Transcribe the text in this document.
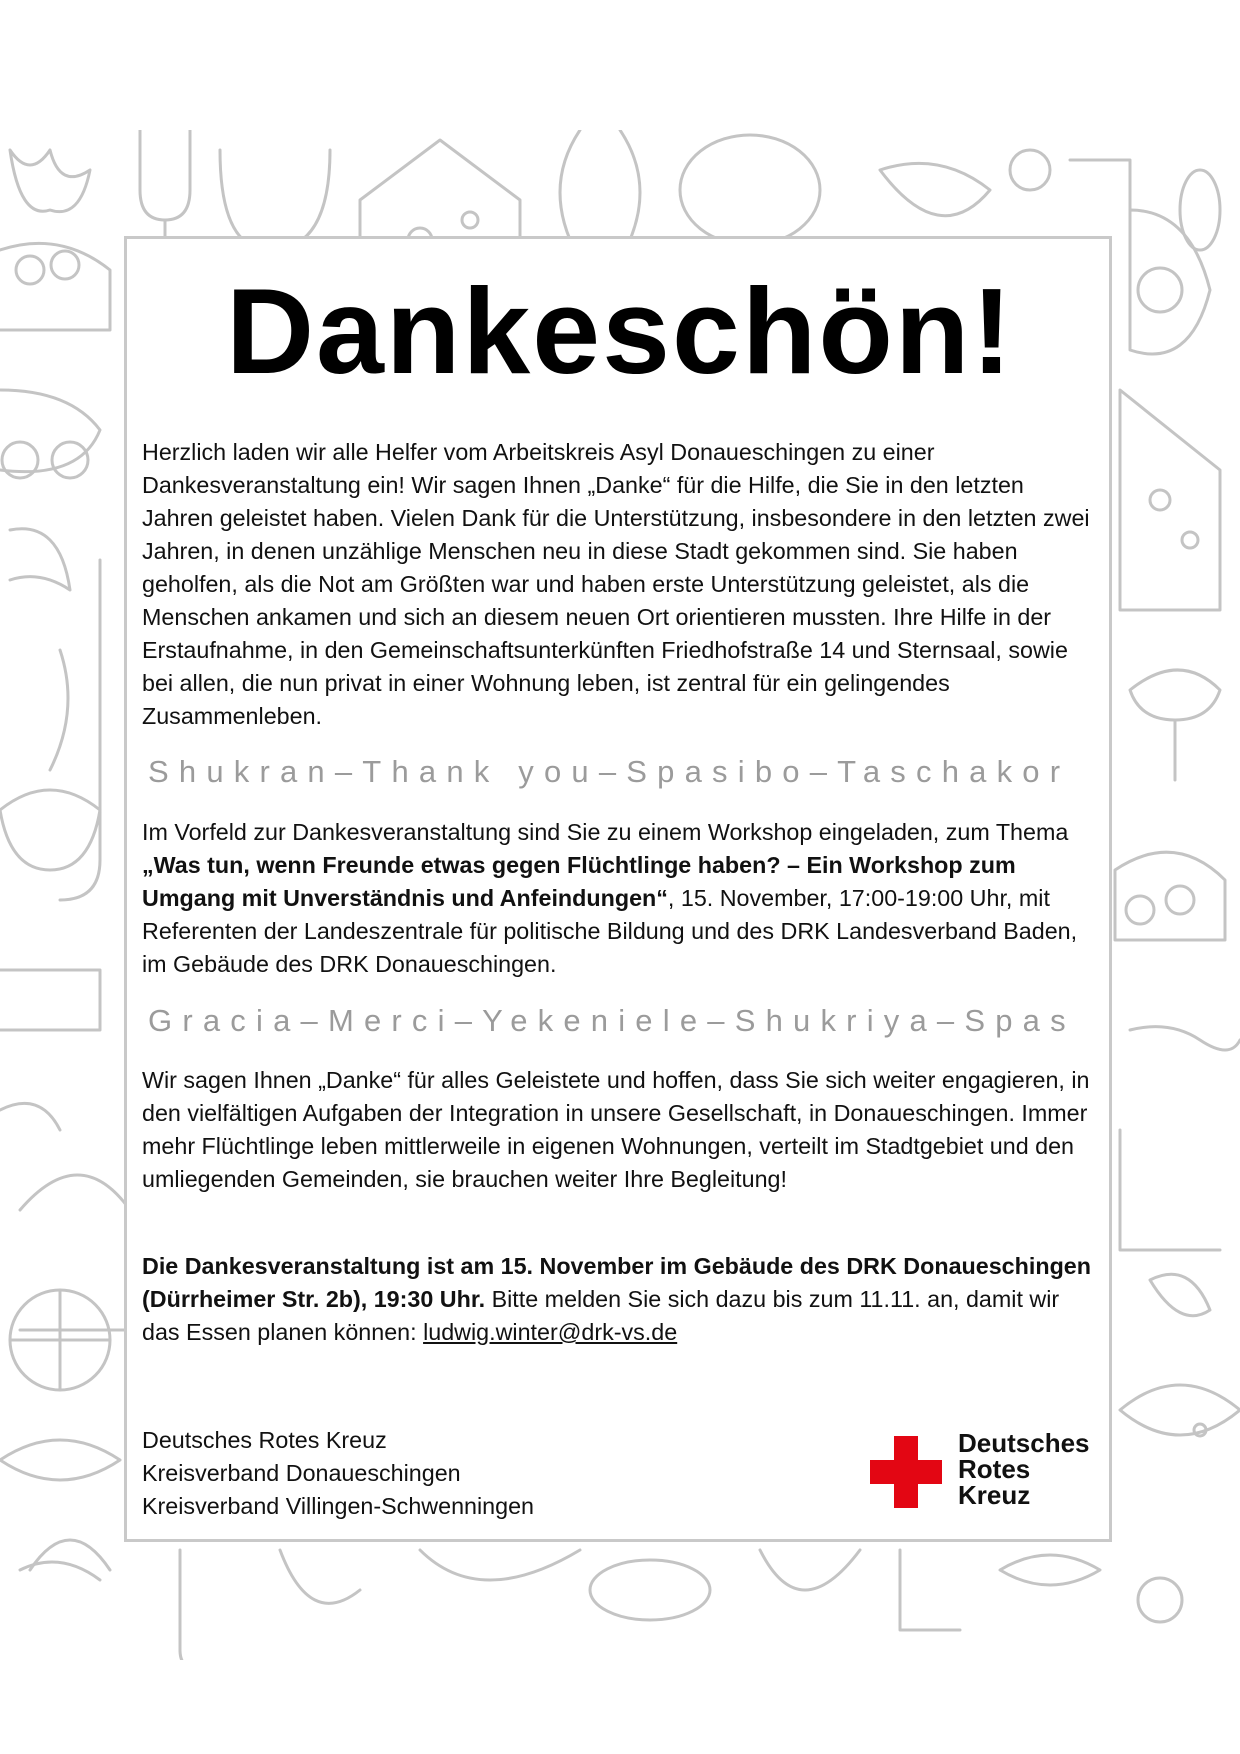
Dankeschön!

Herzlich laden wir alle Helfer vom Arbeitskreis Asyl Donaueschingen zu einer Dankesveranstaltung ein! Wir sagen Ihnen „Danke“ für die Hilfe, die Sie in den letzten Jahren geleistet haben. Vielen Dank für die Unterstützung, insbesondere in den letzten zwei Jahren, in denen unzählige Menschen neu in diese Stadt gekommen sind. Sie haben geholfen, als die Not am Größten war und haben erste Unterstützung geleistet, als die Menschen ankamen und sich an diesem neuen Ort orientieren mussten. Ihre Hilfe in der Erstaufnahme, in den Gemeinschaftsunterkünften Friedhofstraße 14 und Sternsaal, sowie bei allen, die nun privat in einer Wohnung leben, ist zentral für ein gelingendes Zusammenleben.

Shukran–Thank you–Spasibo–Taschakor

Im Vorfeld zur Dankesveranstaltung sind Sie zu einem Workshop eingeladen, zum Thema „Was tun, wenn Freunde etwas gegen Flüchtlinge haben? – Ein Workshop zum Umgang mit Unverständnis und Anfeindungen“, 15. November, 17:00-19:00 Uhr, mit Referenten der Landeszentrale für politische Bildung und des DRK Landesverband Baden, im Gebäude des DRK Donaueschingen.

Gracia–Merci–Yekeniele–Shukriya–Spas

Wir sagen Ihnen „Danke“ für alles Geleistete und hoffen, dass Sie sich weiter engagieren, in den vielfältigen Aufgaben der Integration in unsere Gesellschaft, in Donaueschingen. Immer mehr Flüchtlinge leben mittlerweile in eigenen Wohnungen, verteilt im Stadtgebiet und den umliegenden Gemeinden, sie brauchen weiter Ihre Begleitung!

Die Dankesveranstaltung ist am 15. November im Gebäude des DRK Donaueschingen (Dürrheimer Str. 2b), 19:30 Uhr. Bitte melden Sie sich dazu bis zum 11.11. an, damit wir das Essen planen können: ludwig.winter@drk-vs.de

Deutsches Rotes Kreuz
Kreisverband Donaueschingen
Kreisverband Villingen-Schwenningen
Deutsches
Rotes
Kreuz
